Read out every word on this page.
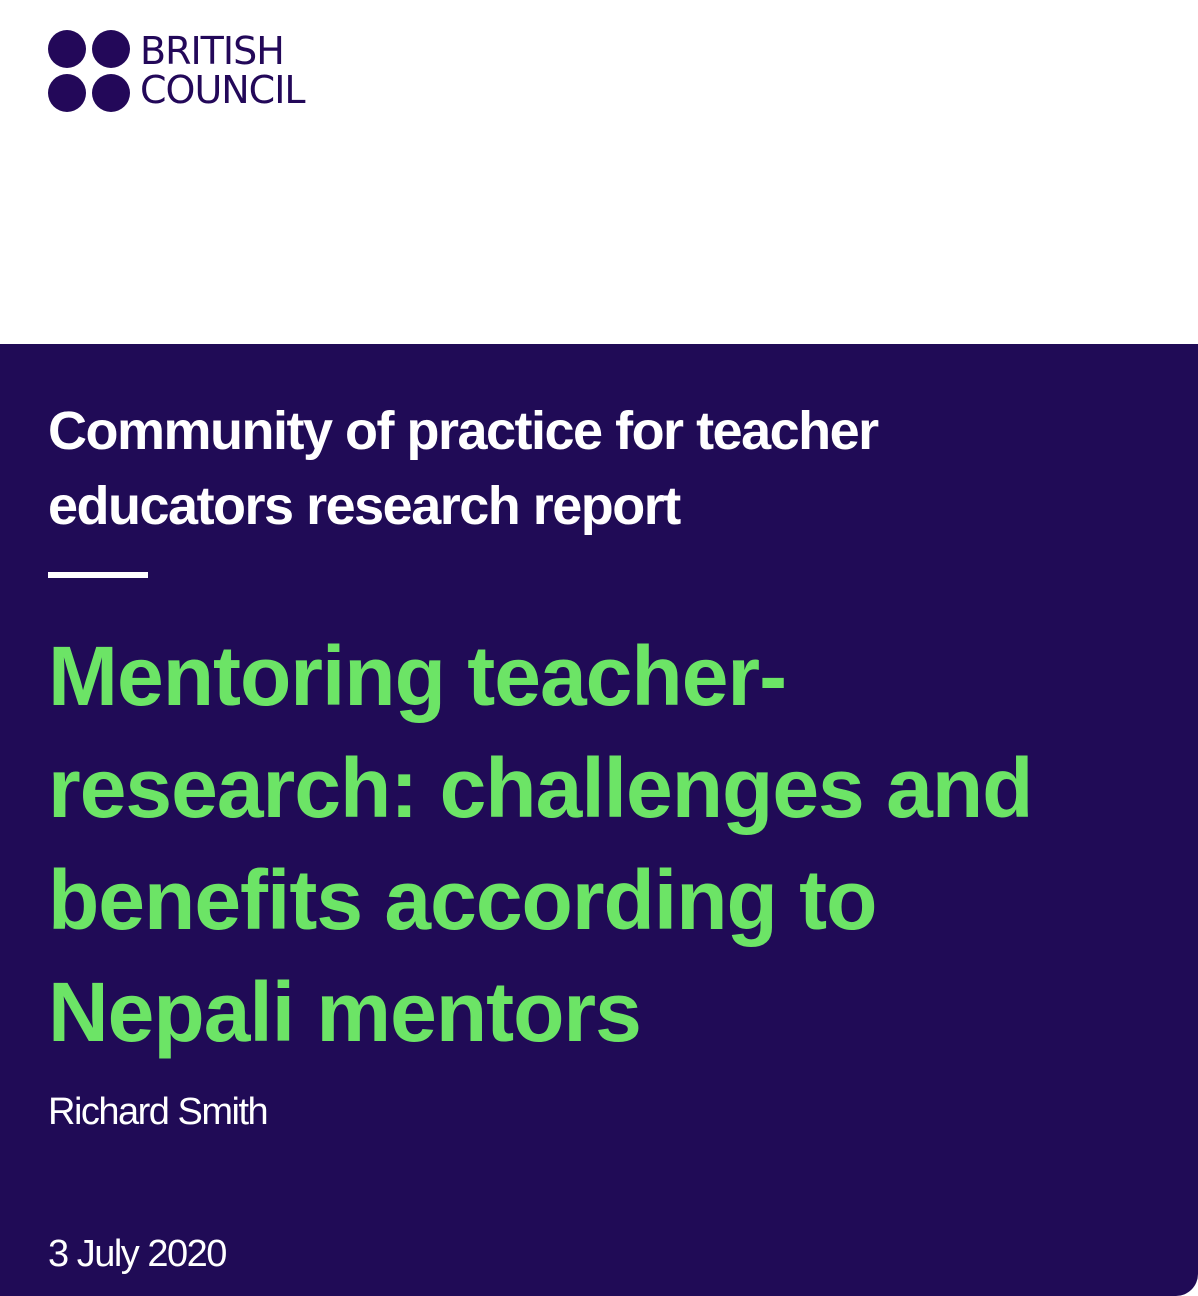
BRITISH
COUNCIL
Community of practice for teacher educators research report
Mentoring teacher-research: challenges and benefits according to Nepali mentors
Richard Smith
3 July 2020
